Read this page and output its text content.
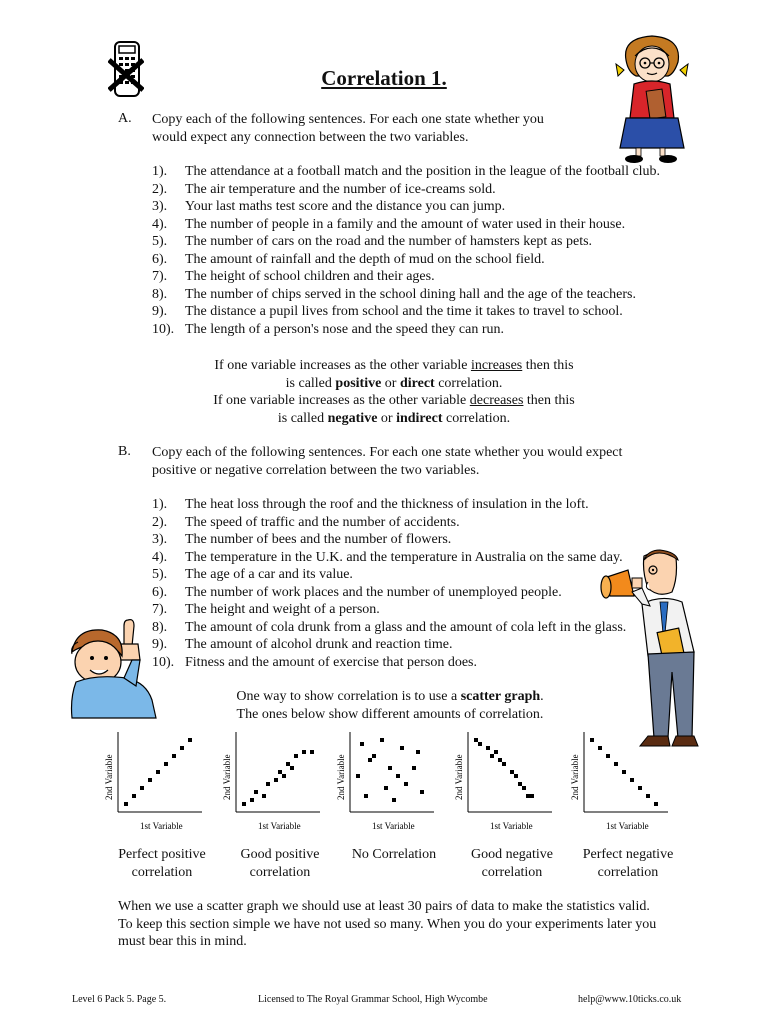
Correlation 1.
A. Copy each of the following sentences. For each one state whether you
would expect any connection between the two variables.
1).	The attendance at a football match and the position in the league of the football club.
2).	The air temperature and the number of ice-creams sold.
3).	Your last maths test score and the distance you can jump.
4).	The number of people in a family and the amount of water used in their house.
5).	The number of cars on the road and the number of hamsters kept as pets.
6).	The amount of rainfall and the depth of mud on the school field.
7).	The height of school children and their ages.
8).	The number of chips served in the school dining hall and the age of the teachers.
9).	The distance a pupil lives from school and the time it takes to travel to school.
10). The length of a person's nose and the speed they can run.
If one variable increases as the other variable increases then this
is called positive or direct correlation.
If one variable increases as the other variable decreases then this
is called negative or indirect correlation.
B. Copy each of the following sentences. For each one state whether you would expect
positive or negative correlation between the two variables.
1).	The heat loss through the roof and the thickness of insulation in the loft.
2).	The speed of traffic and the number of accidents.
3).	The number of bees and the number of flowers.
4).	The temperature in the U.K. and the temperature in Australia on the same day.
5).	The age of a car and its value.
6).	The number of work places and the number of unemployed people.
7).	The height and weight of a person.
8).	The amount of cola drunk from a glass and the amount of cola left in the glass.
9).	The amount of alcohol drunk and reaction time.
10). Fitness and the amount of exercise that person does.
One way to show correlation is to use a scatter graph.
The ones below show different amounts of correlation.
1st Variable
2nd Variable
Perfect positive
correlation
1st Variable
2nd Variable
Good positive
correlation
1st Variable
2nd Variable
No Correlation
1st Variable
2nd Variable
Good negative
correlation
1st Variable
2nd Variable
Perfect negative
correlation
When we use a scatter graph we should use at least 30 pairs of data to make the statistics valid.
To keep this section simple we have not used so many. When you do your experiments later you
must bear this in mind.
Level 6 Pack 5. Page 5.	Licensed to The Royal Grammar School, High Wycombe	help@www.10ticks.co.uk
